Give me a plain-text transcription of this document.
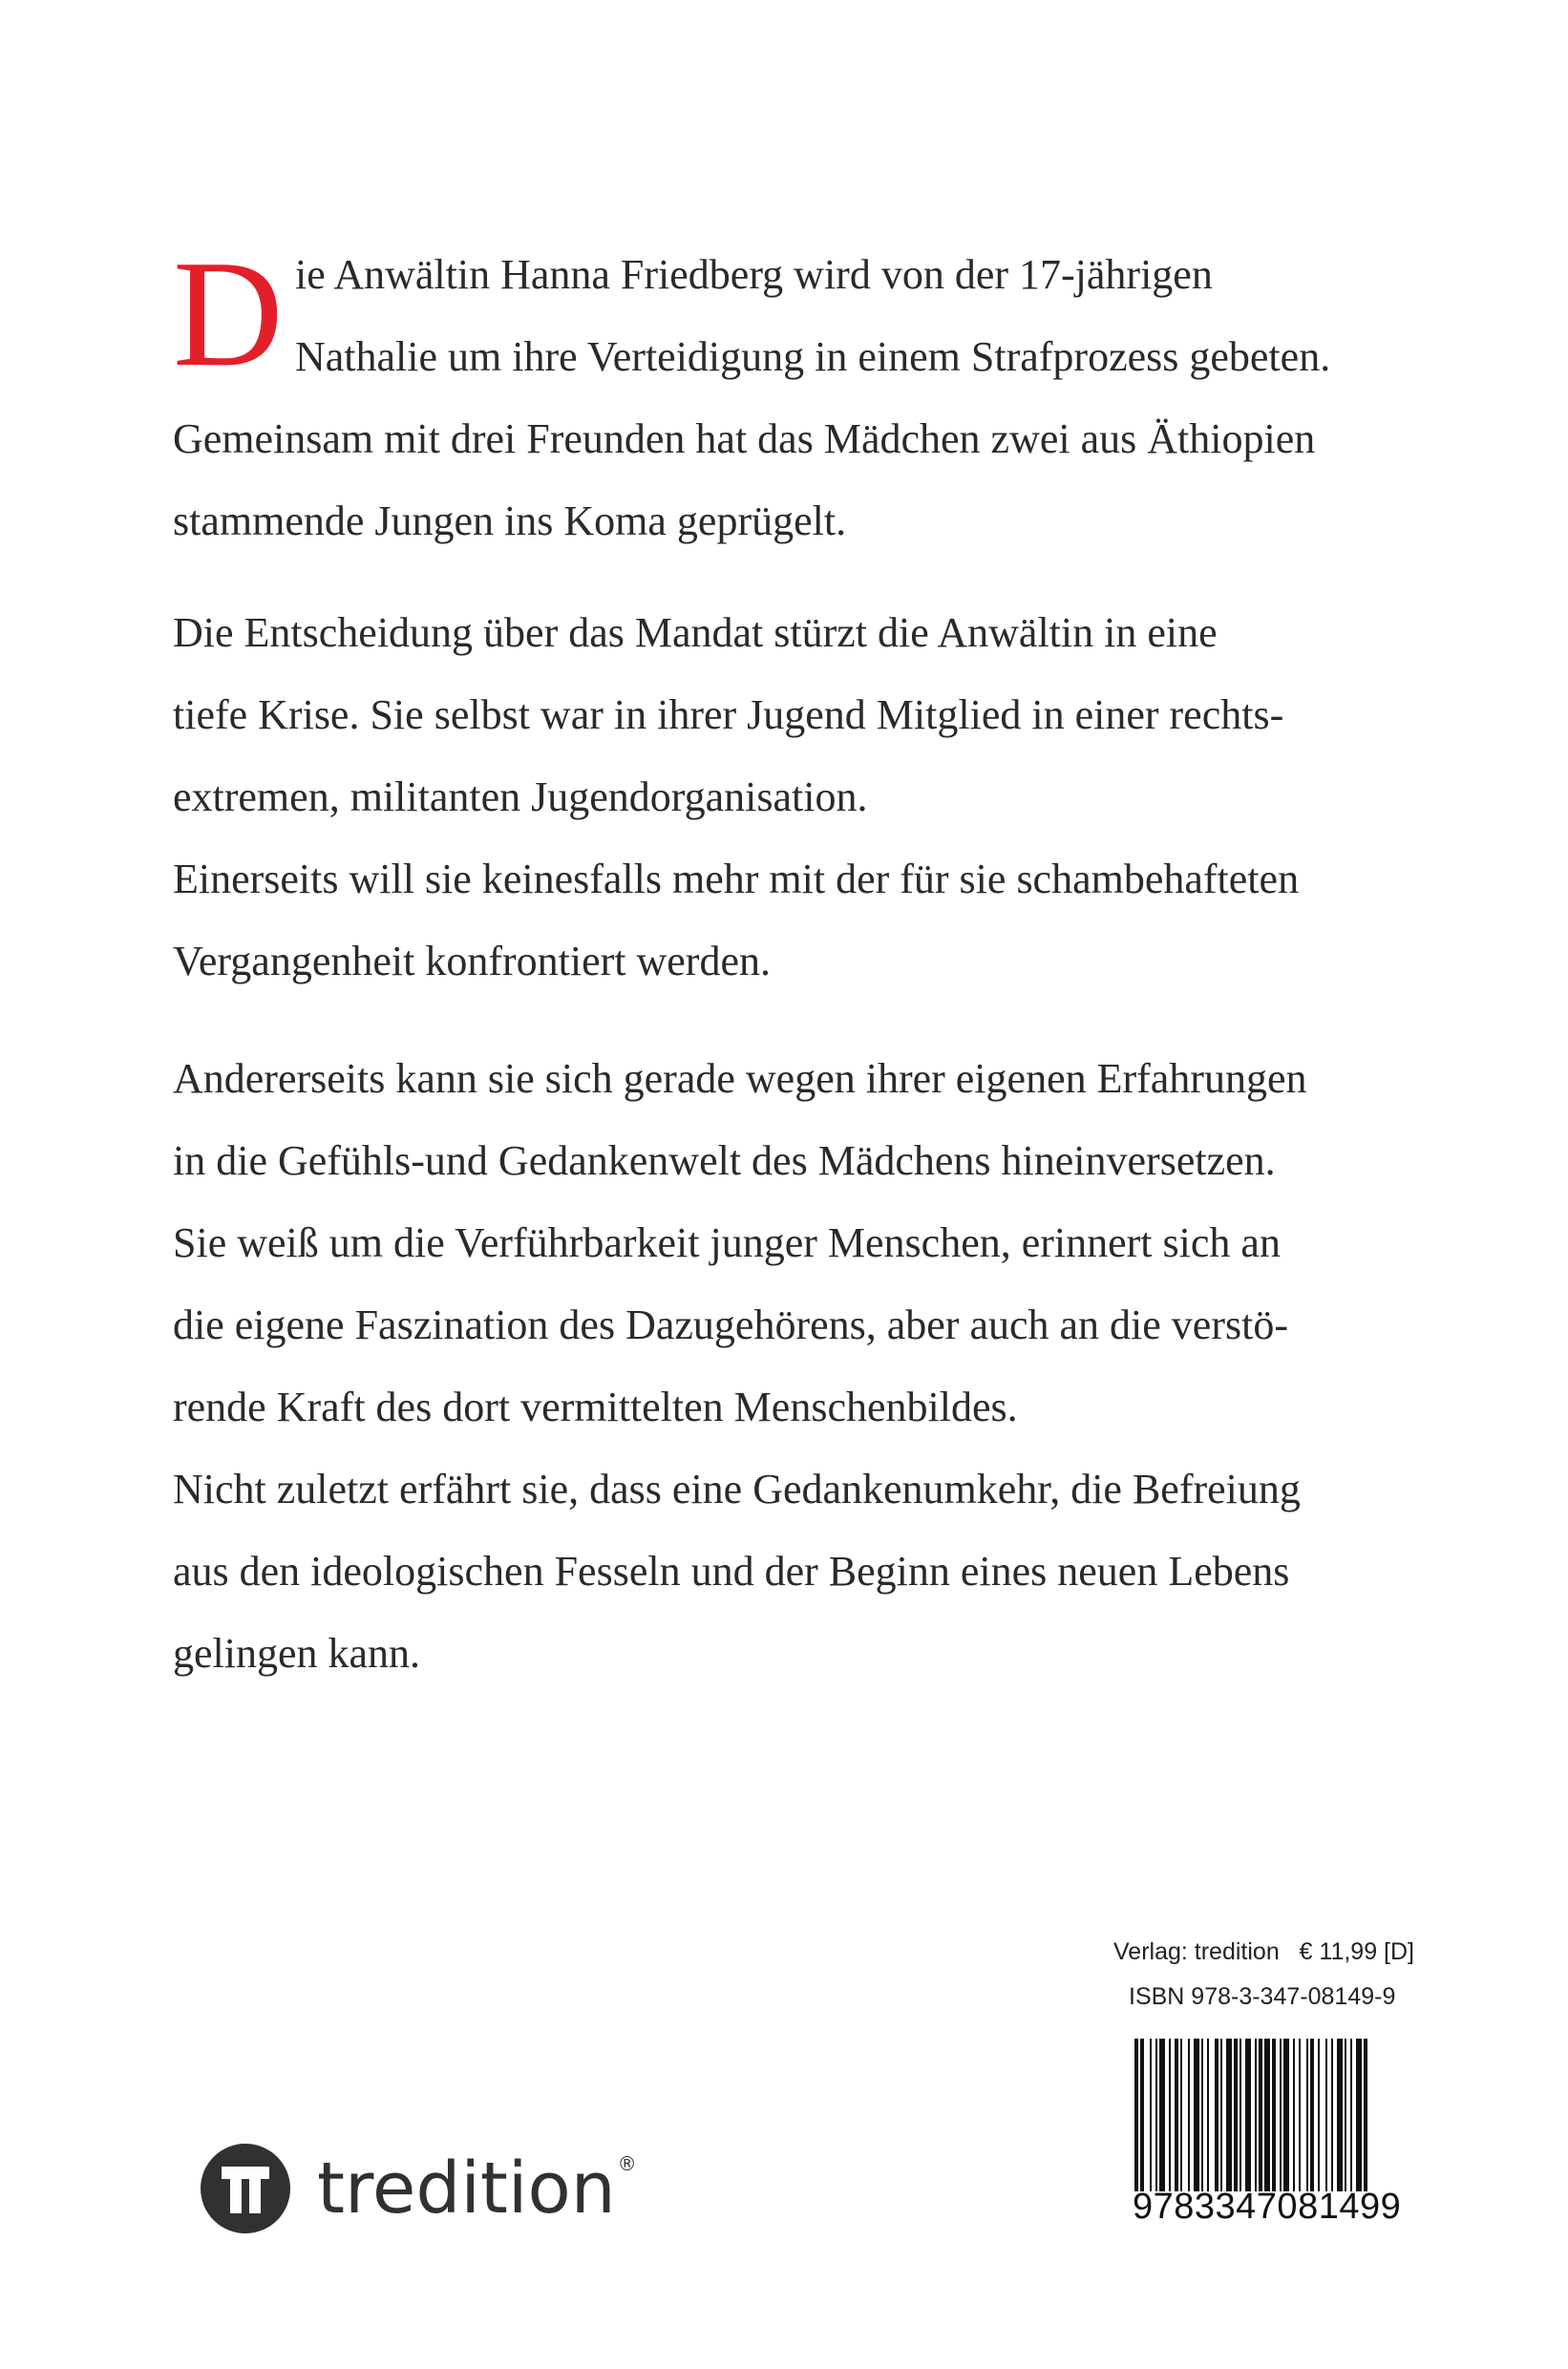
D ie Anwältin Hanna Friedberg wird von der 17-jährigen
Nathalie um ihre Verteidigung in einem Strafprozess gebeten.
Gemeinsam mit drei Freunden hat das Mädchen zwei aus Äthiopien
stammende Jungen ins Koma geprügelt.
Die Entscheidung über das Mandat stürzt die Anwältin in eine
tiefe Krise. Sie selbst war in ihrer Jugend Mitglied in einer rechts-
extremen, militanten Jugendorganisation.
Einerseits will sie keinesfalls mehr mit der für sie schambehafteten
Vergangenheit konfrontiert werden.
Andererseits kann sie sich gerade wegen ihrer eigenen Erfahrungen
in die Gefühls-und Gedankenwelt des Mädchens hineinversetzen.
Sie weiß um die Verführbarkeit junger Menschen, erinnert sich an
die eigene Faszination des Dazugehörens, aber auch an die verstö-
rende Kraft des dort vermittelten Menschenbildes.
Nicht zuletzt erfährt sie, dass eine Gedankenumkehr, die Befreiung
aus den ideologischen Fesseln und der Beginn eines neuen Lebens
gelingen kann.
Verlag: tredition   € 11,99 [D]
ISBN 978-3-347-08149-9
9783347081499
tredition ®
